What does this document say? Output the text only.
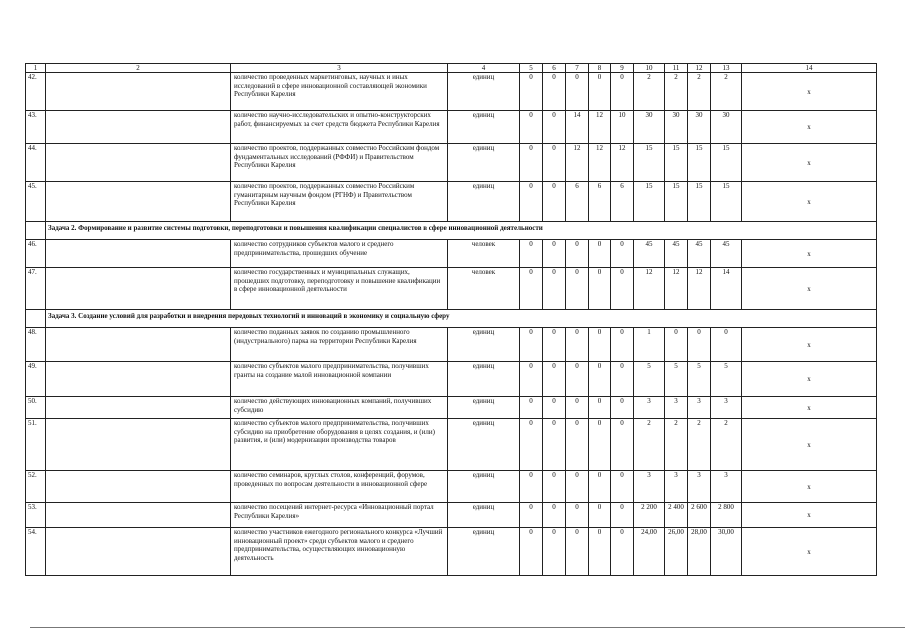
1	2	3	4	5	6	7	8	9	10	11	12	13	14
42.		количество проведенных маркетинговых, научных и иных исследований в сфере инновационной составляющей экономики Республики Карелия	единиц	0	0	0	0	0	2	2	2	2	х
43.		количество научно-исследовательских и опытно-конструкторских работ, финансируемых за счет средств бюджета Республики Карелия	единиц	0	0	14	12	10	30	30	30	30	х
44.		количество проектов, поддержанных совместно Российским фондом фундаментальных исследований (РФФИ) и Правительством Республики Карелия	единиц	0	0	12	12	12	15	15	15	15	х
45.		количество проектов, поддержанных совместно Российским гуманитарным научным фондом (РГНФ) и Правительством Республики Карелия	единиц	0	0	6	6	6	15	15	15	15	х
	Задача 2. Формирование и развитие системы подготовки, переподготовки и повышения квалификации специалистов в сфере инновационной деятельности												
46.		количество сотрудников субъектов малого и среднего предпринимательства, прошедших обучение	человек	0	0	0	0	0	45	45	45	45	х
47.		количество государственных и муниципальных служащих, прошедших подготовку, переподготовку и повышение квалификации в сфере инновационной деятельности	человек	0	0	0	0	0	12	12	12	14	х
	Задача 3. Создание условий для разработки и внедрения передовых технологий и инноваций в экономику и социальную сферу												
48.		количество поданных заявок по созданию промышленного (индустриального) парка на территории Республики Карелия	единиц	0	0	0	0	0	1	0	0	0	х
49.		количество субъектов малого предпринимательства, получивших гранты на создание малой инновационной компании	единиц	0	0	0	0	0	5	5	5	5	х
50.		количество действующих инновационных компаний, получивших субсидию	единиц	0	0	0	0	0	3	3	3	3	х
51.		количество субъектов малого предпринимательства, получивших субсидию на приобретение оборудования в целях создания, и (или) развития, и (или) модернизации производства товаров	единиц	0	0	0	0	0	2	2	2	2	х
52.		количество семинаров, круглых столов, конференций, форумов, проведенных по вопросам деятельности в инновационной сфере	единиц	0	0	0	0	0	3	3	3	3	х
53.		количество посещений интернет-ресурса «Инновационный портал Республики Карелия»	единиц	0	0	0	0	0	2 200	2 400	2 600	2 800	х
54.		количество участников ежегодного регионального конкурса «Лучший инновационный проект» среди субъектов малого и среднего предпринимательства, осуществляющих инновационную деятельность	единиц	0	0	0	0	0	24,00	26,00	28,00	30,00	х
